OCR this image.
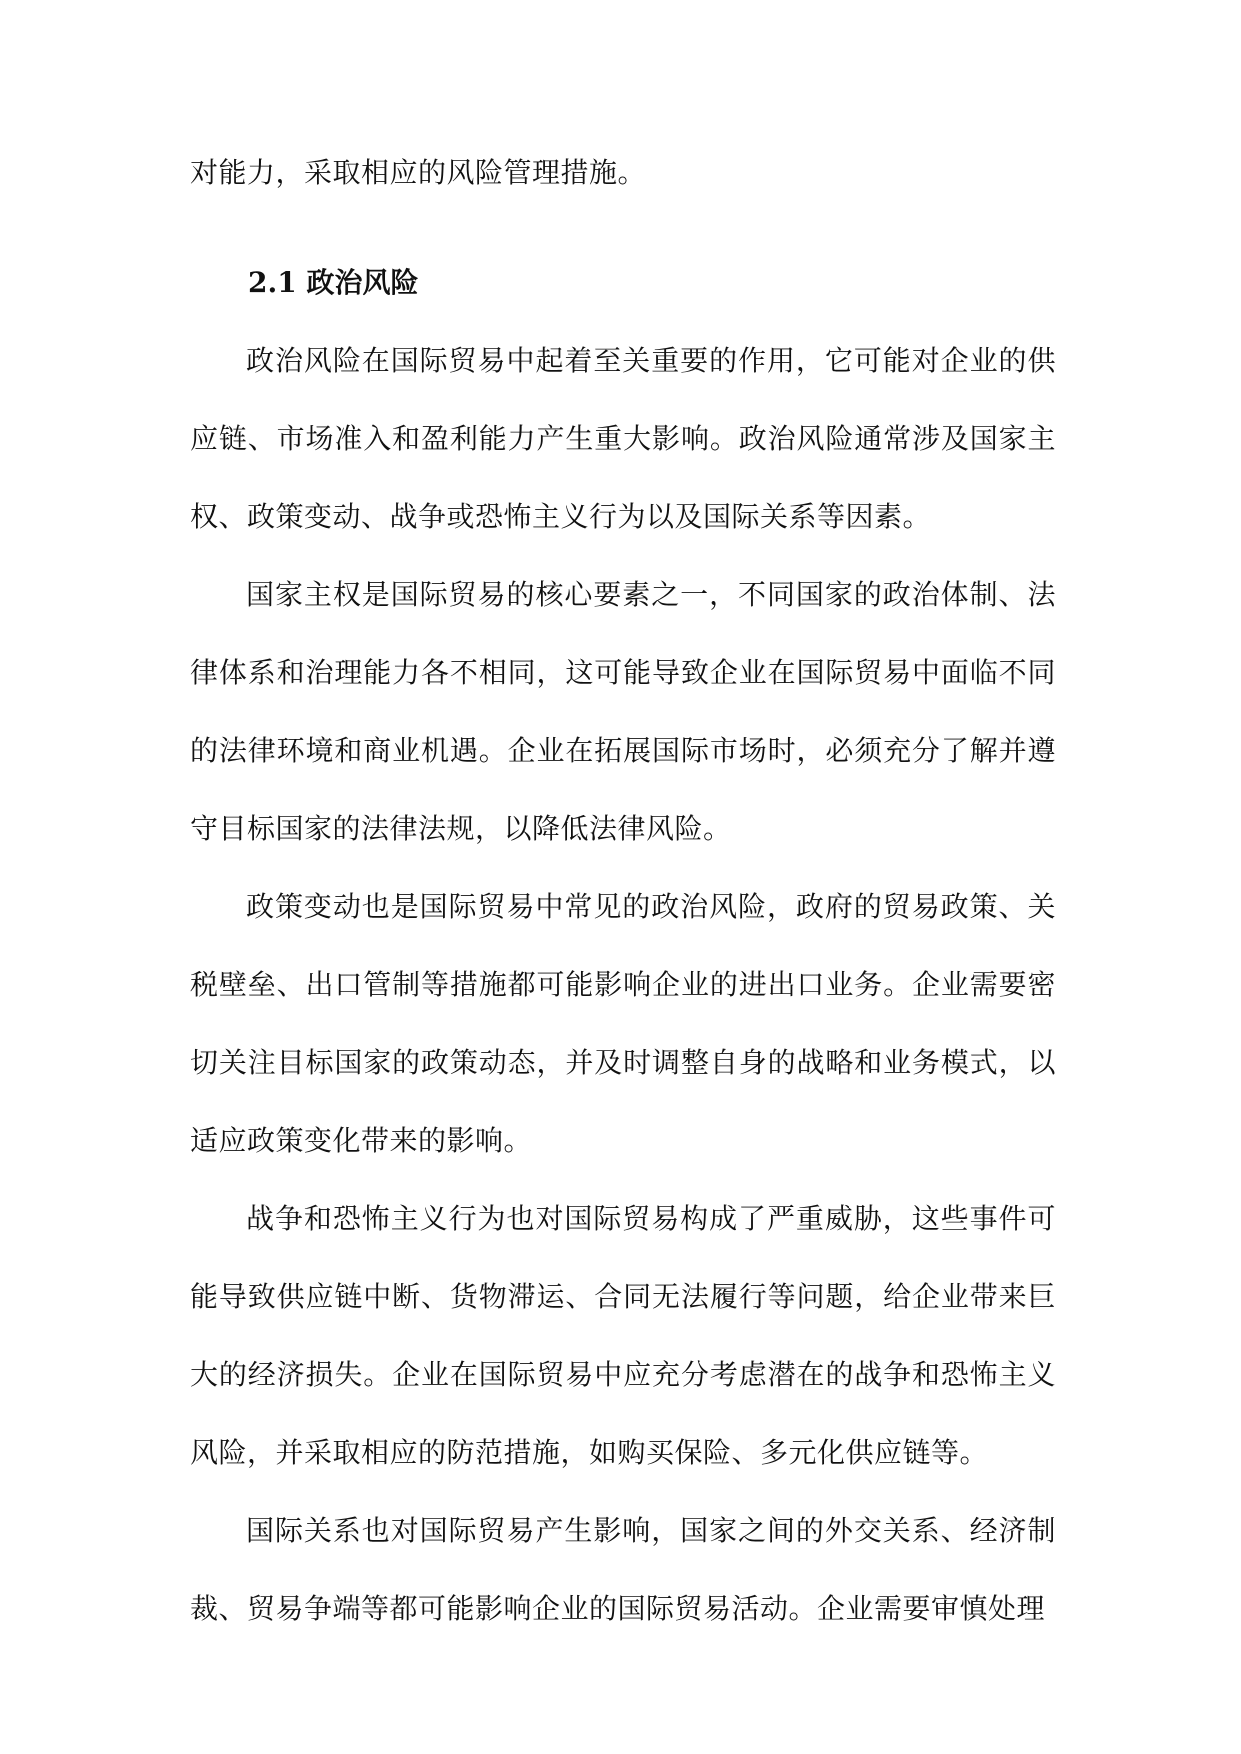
对能力，采取相应的风险管理措施。

2.1 政治风险

政治风险在国际贸易中起着至关重要的作用，它可能对企业的供应链、市场准入和盈利能力产生重大影响。政治风险通常涉及国家主权、政策变动、战争或恐怖主义行为以及国际关系等因素。

国家主权是国际贸易的核心要素之一，不同国家的政治体制、法律体系和治理能力各不相同，这可能导致企业在国际贸易中面临不同的法律环境和商业机遇。企业在拓展国际市场时，必须充分了解并遵守目标国家的法律法规，以降低法律风险。

政策变动也是国际贸易中常见的政治风险，政府的贸易政策、关税壁垒、出口管制等措施都可能影响企业的进出口业务。企业需要密切关注目标国家的政策动态，并及时调整自身的战略和业务模式，以适应政策变化带来的影响。

战争和恐怖主义行为也对国际贸易构成了严重威胁，这些事件可能导致供应链中断、货物滞运、合同无法履行等问题，给企业带来巨大的经济损失。企业在国际贸易中应充分考虑潜在的战争和恐怖主义风险，并采取相应的防范措施，如购买保险、多元化供应链等。

国际关系也对国际贸易产生影响，国家之间的外交关系、经济制裁、贸易争端等都可能影响企业的国际贸易活动。企业需要审慎处理
